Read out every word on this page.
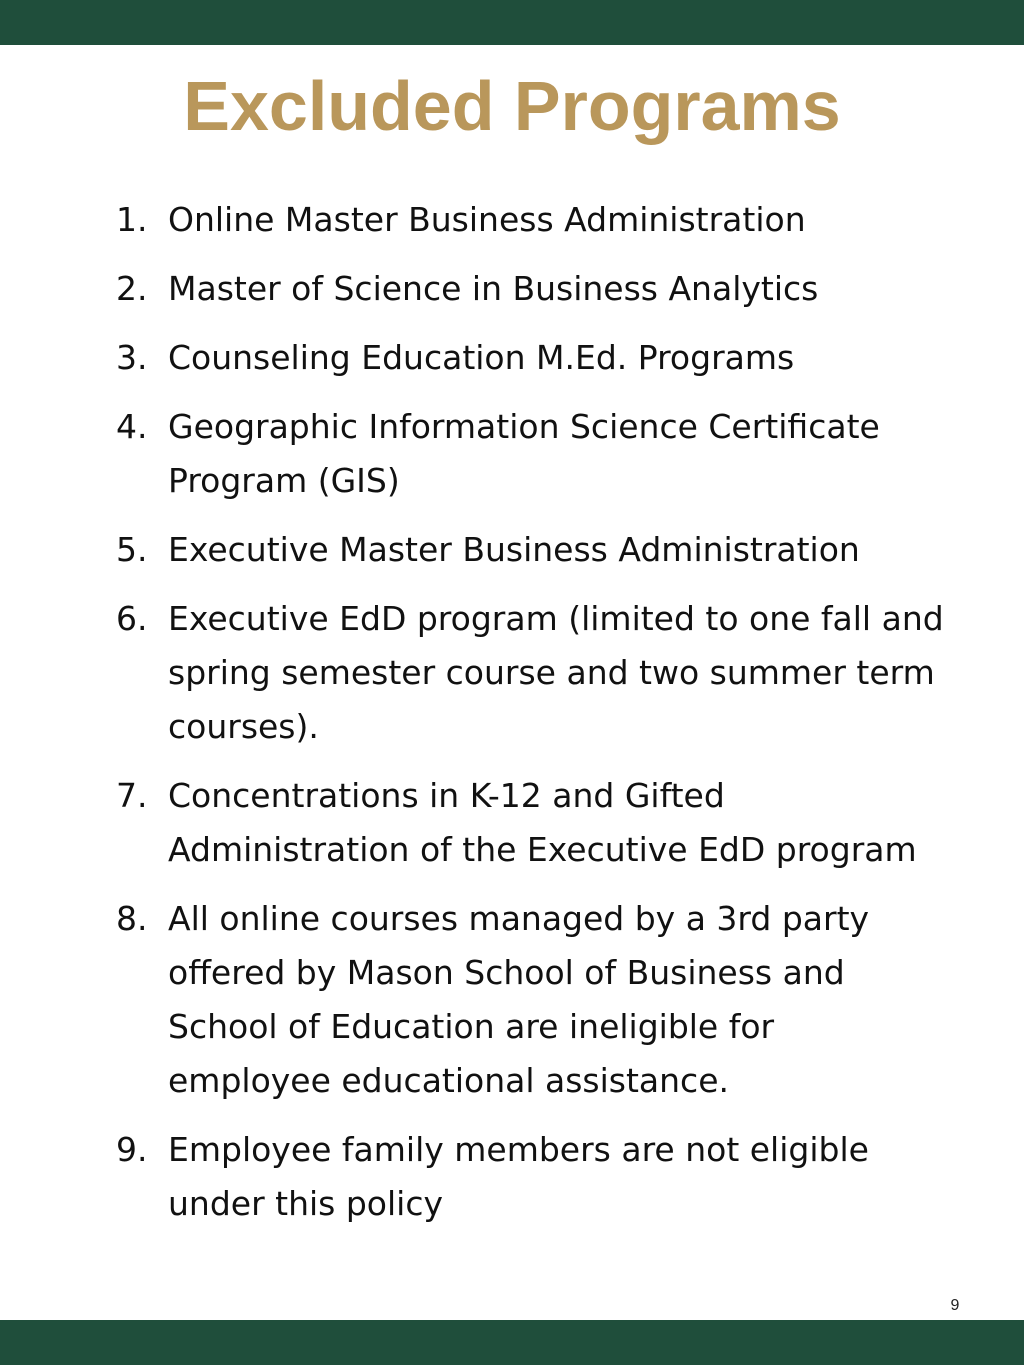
Excluded Programs
1. Online Master Business Administration
2. Master of Science in Business Analytics
3. Counseling Education M.Ed. Programs
4. Geographic Information Science Certificate Program (GIS)
5. Executive Master Business Administration
6. Executive EdD program (limited to one fall and spring semester course and two summer term courses).
7. Concentrations in K-12 and Gifted Administration of the Executive EdD program
8. All online courses managed by a 3rd party offered by Mason School of Business and School of Education are ineligible for employee educational assistance.
9. Employee family members are not eligible under this policy
9
